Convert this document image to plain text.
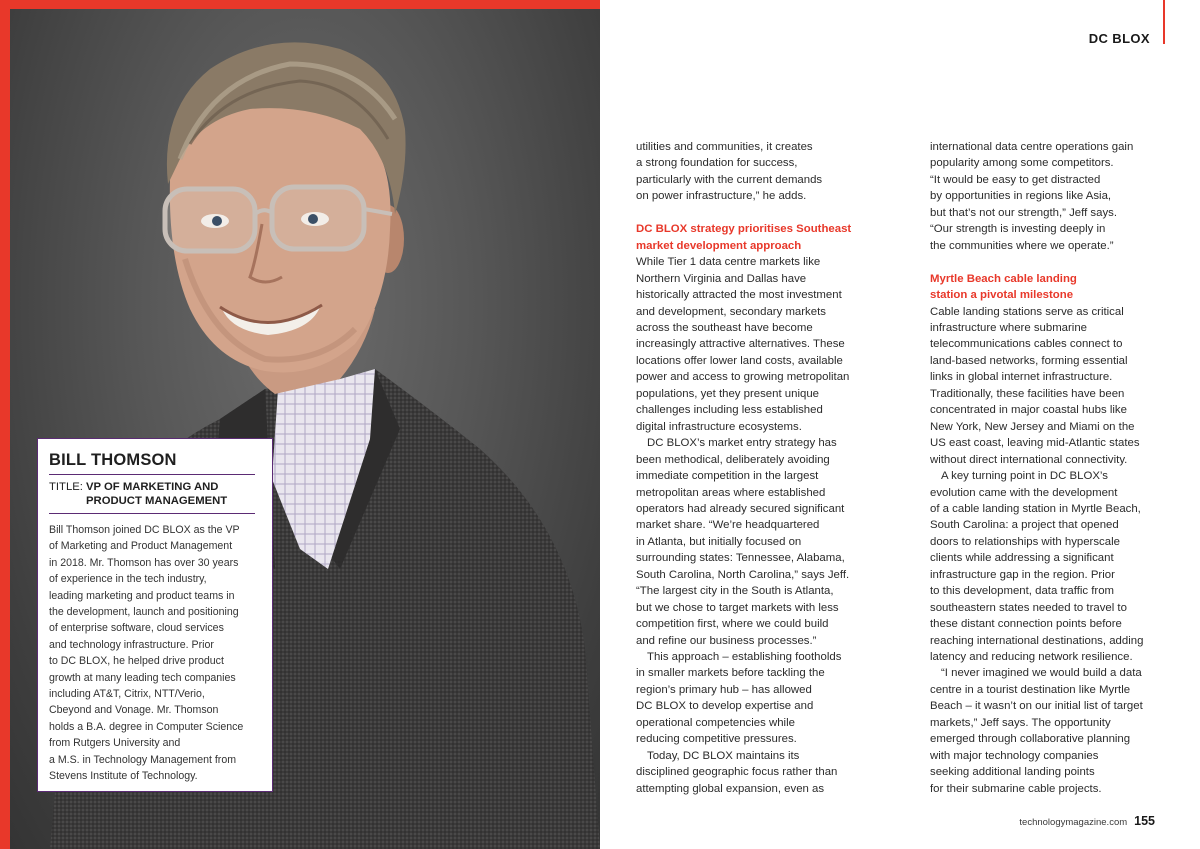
BILL THOMSON
TITLE: VP OF MARKETING AND
PRODUCT MANAGEMENT
Bill Thomson joined DC BLOX as the VP
of Marketing and Product Management
in 2018. Mr. Thomson has over 30 years
of experience in the tech industry,
leading marketing and product teams in
the development, launch and positioning
of enterprise software, cloud services
and technology infrastructure. Prior
to DC BLOX, he helped drive product
growth at many leading tech companies
including AT&T, Citrix, NTT/Verio,
Cbeyond and Vonage. Mr. Thomson
holds a B.A. degree in Computer Science
from Rutgers University and
a M.S. in Technology Management from
Stevens Institute of Technology.
DC BLOX

utilities and communities, it creates
a strong foundation for success,
particularly with the current demands
on power infrastructure,” he adds.

DC BLOX strategy prioritises Southeast
market development approach

While Tier 1 data centre markets like
Northern Virginia and Dallas have
historically attracted the most investment
and development, secondary markets
across the southeast have become
increasingly attractive alternatives. These
locations offer lower land costs, available
power and access to growing metropolitan
populations, yet they present unique
challenges including less established
digital infrastructure ecosystems.

DC BLOX’s market entry strategy has
been methodical, deliberately avoiding
immediate competition in the largest
metropolitan areas where established
operators had already secured significant
market share. “We’re headquartered
in Atlanta, but initially focused on
surrounding states: Tennessee, Alabama,
South Carolina, North Carolina,” says Jeff.
“The largest city in the South is Atlanta,
but we chose to target markets with less
competition first, where we could build
and refine our business processes.”

This approach – establishing footholds
in smaller markets before tackling the
region’s primary hub – has allowed
DC BLOX to develop expertise and
operational competencies while
reducing competitive pressures.

Today, DC BLOX maintains its
disciplined geographic focus rather than
attempting global expansion, even as

international data centre operations gain
popularity among some competitors.
“It would be easy to get distracted
by opportunities in regions like Asia,
but that’s not our strength,” Jeff says.
“Our strength is investing deeply in
the communities where we operate.”

Myrtle Beach cable landing
station a pivotal milestone

Cable landing stations serve as critical
infrastructure where submarine
telecommunications cables connect to
land-based networks, forming essential
links in global internet infrastructure.
Traditionally, these facilities have been
concentrated in major coastal hubs like
New York, New Jersey and Miami on the
US east coast, leaving mid-Atlantic states
without direct international connectivity.

A key turning point in DC BLOX’s
evolution came with the development
of a cable landing station in Myrtle Beach,
South Carolina: a project that opened
doors to relationships with hyperscale
clients while addressing a significant
infrastructure gap in the region. Prior
to this development, data traffic from
southeastern states needed to travel to
these distant connection points before
reaching international destinations, adding
latency and reducing network resilience.

“I never imagined we would build a data
centre in a tourist destination like Myrtle
Beach – it wasn’t on our initial list of target
markets,” Jeff says. The opportunity
emerged through collaborative planning
with major technology companies
seeking additional landing points
for their submarine cable projects.

technologymagazine.com 155
